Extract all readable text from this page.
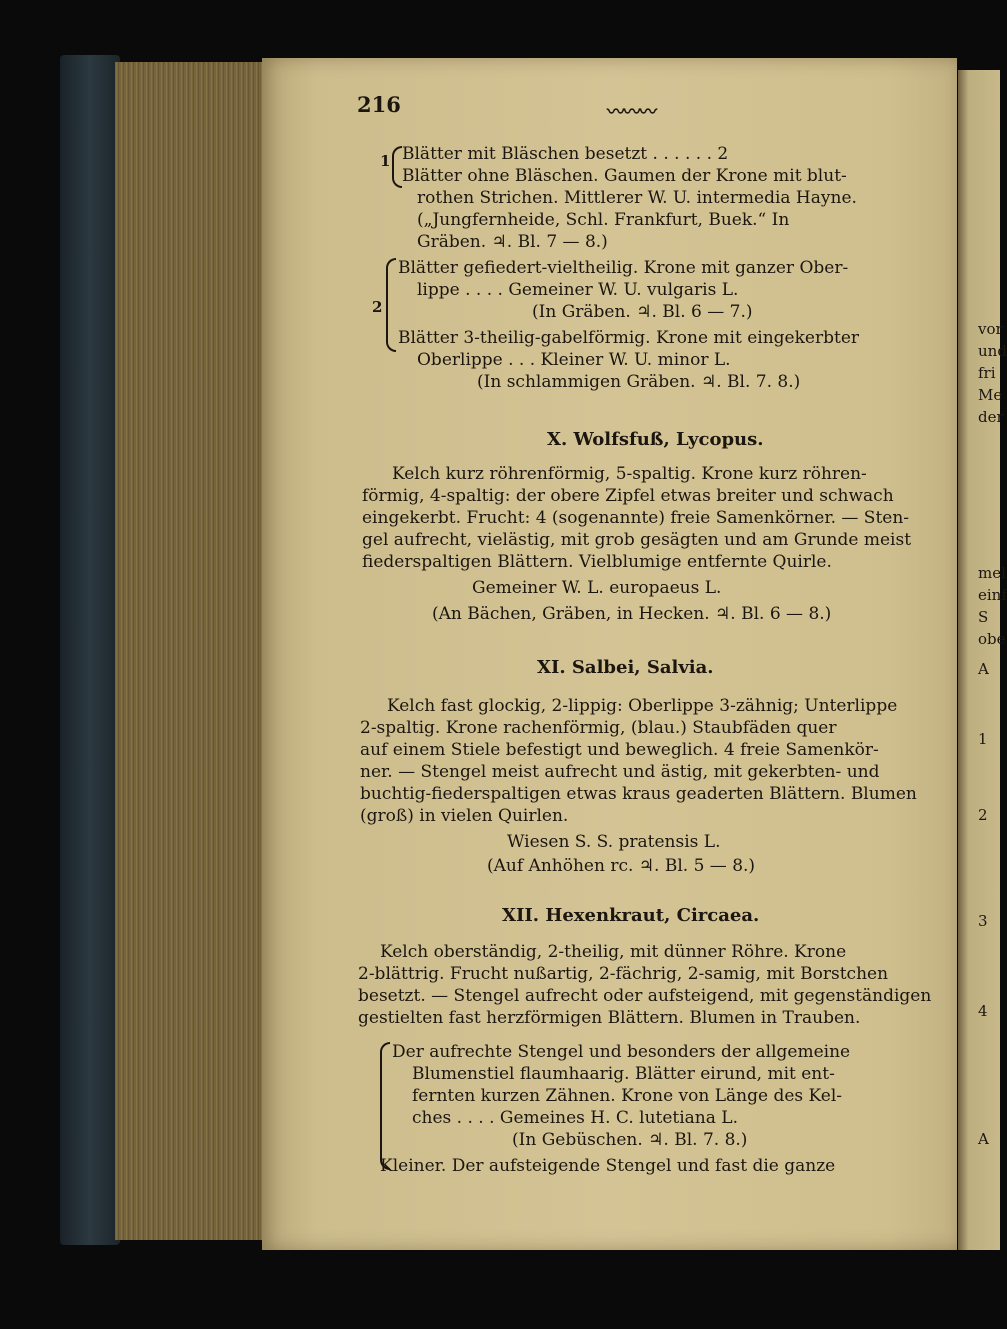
216	〰〰〰
1 Blätter mit Bläschen besetzt . . . . . . 2
Blätter ohne Bläschen. Gaumen der Krone mit blut-
rothen Strichen. Mittlerer W. U. intermedia Hayne.
(„Jungfernheide, Schl. Frankfurt, Buek.“ In
Gräben. ♃. Bl. 7 — 8.)
2
Blätter gefiedert-vieltheilig. Krone mit ganzer Ober-
lippe . . . . Gemeiner W. U. vulgaris L.
(In Gräben. ♃. Bl. 6 — 7.)
Blätter 3-theilig-gabelförmig. Krone mit eingekerbter
Oberlippe . . . Kleiner W. U. minor L.
(In schlammigen Gräben. ♃. Bl. 7. 8.)
X. Wolfsfuß, Lycopus.
Kelch kurz röhrenförmig, 5-spaltig. Krone kurz röhren-
förmig, 4-spaltig: der obere Zipfel etwas breiter und schwach
eingekerbt. Frucht: 4 (sogenannte) freie Samenkörner. — Sten-
gel aufrecht, vielästig, mit grob gesägten und am Grunde meist
fiederspaltigen Blättern. Vielblumige entfernte Quirle.
Gemeiner W. L. europaeus L.
(An Bächen, Gräben, in Hecken. ♃. Bl. 6 — 8.)
XI. Salbei, Salvia.
Kelch fast glockig, 2-lippig: Oberlippe 3-zähnig; Unterlippe
2-spaltig. Krone rachenförmig, (blau.) Staubfäden quer
auf einem Stiele befestigt und beweglich. 4 freie Samenkör-
ner. — Stengel meist aufrecht und ästig, mit gekerbten- und
buchtig-fiederspaltigen etwas kraus geaderten Blättern. Blumen
(groß) in vielen Quirlen.
Wiesen S. S. pratensis L.
(Auf Anhöhen rc. ♃. Bl. 5 — 8.)
XII. Hexenkraut, Circaea.
Kelch oberständig, 2-theilig, mit dünner Röhre. Krone
2-blättrig. Frucht nußartig, 2-fächrig, 2-samig, mit Borstchen
besetzt. — Stengel aufrecht oder aufsteigend, mit gegenständigen
gestielten fast herzförmigen Blättern. Blumen in Trauben.
Der aufrechte Stengel und besonders der allgemeine
Blumenstiel flaumhaarig. Blätter eirund, mit ent-
fernten kurzen Zähnen. Krone von Länge des Kel-
ches . . . . Gemeines H. C. lutetiana L.
(In Gebüschen. ♃. Bl. 7. 8.)
Kleiner. Der aufsteigende Stengel und fast die ganze
vor
und
fri
Me
der
mel
einf
S
obe
A
1
2
3
4
A
